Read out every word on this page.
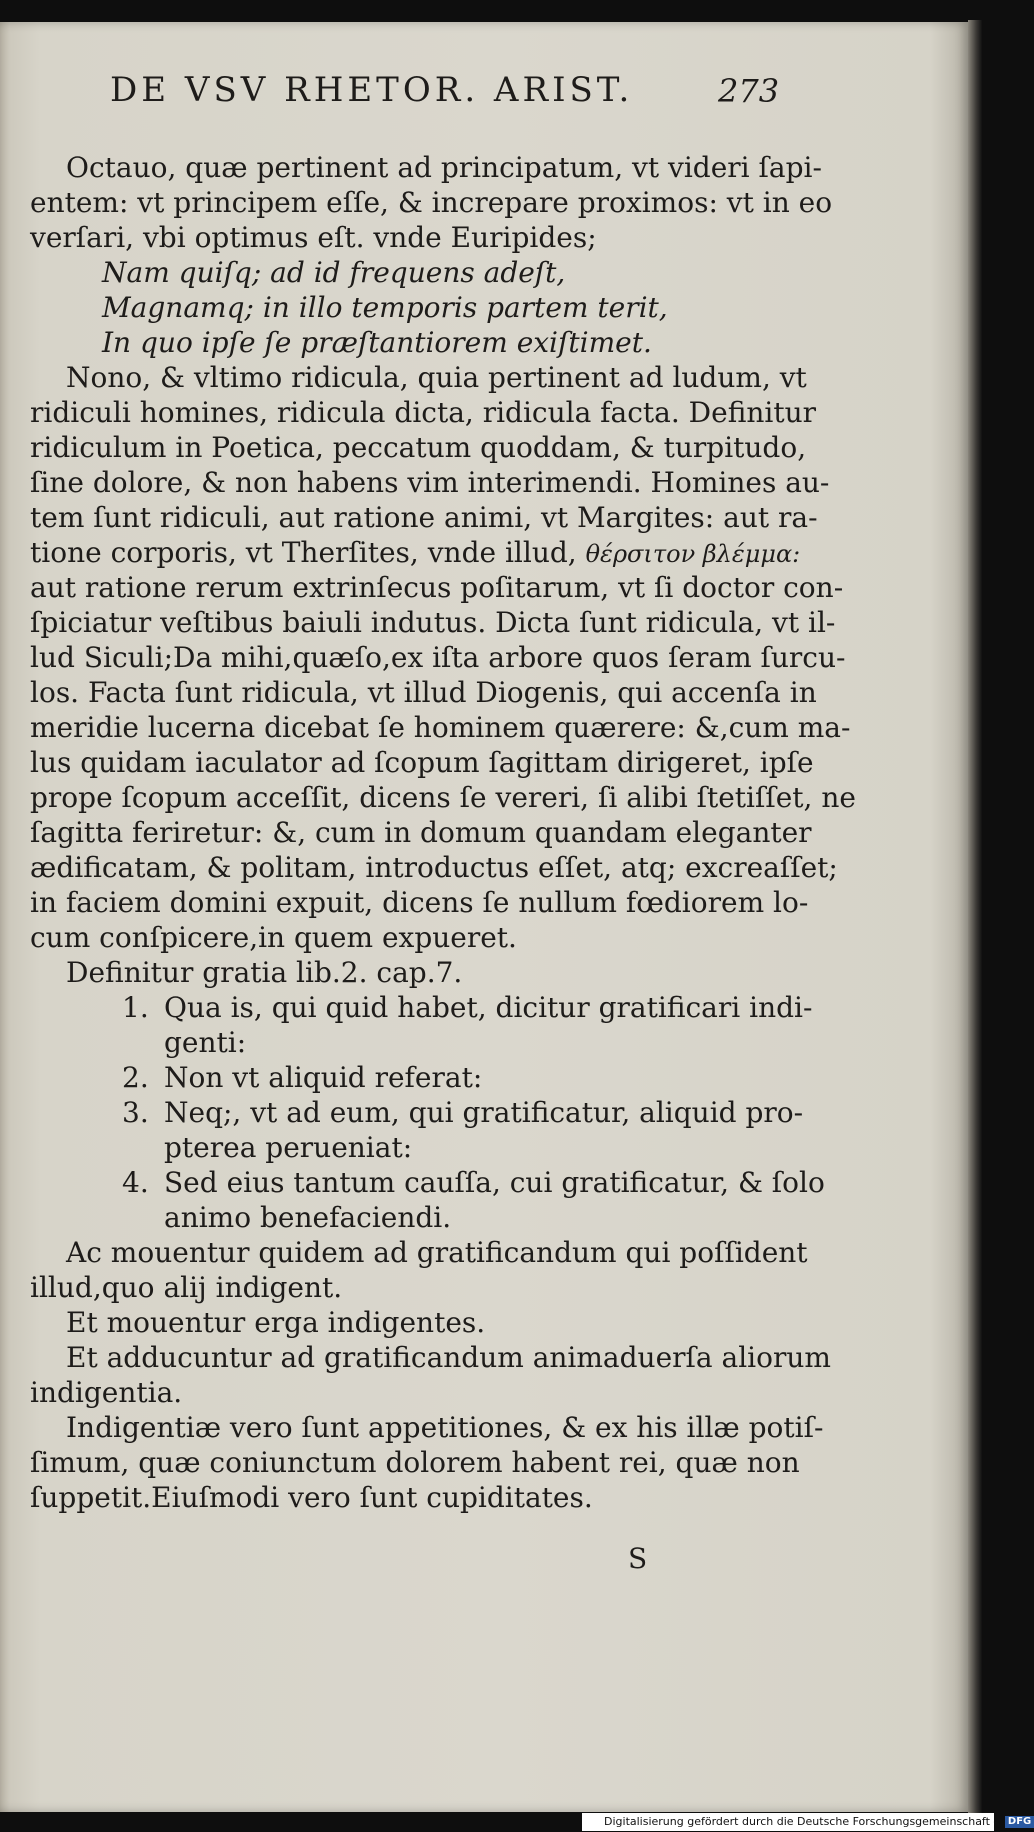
DE VSV RHETOR. ARIST.	273
Octauo, quæ pertinent ad principatum, vt videri ſapi-
entem: vt principem eſſe, & increpare proximos: vt in eo
verſari, vbi optimus eſt. vnde Euripides;
Nam quiſq; ad id frequens adeſt,
Magnamq; in illo temporis partem terit,
In quo ipſe ſe præſtantiorem exiſtimet.
Nono, & vltimo ridicula, quia pertinent ad ludum, vt
ridiculi homines, ridicula dicta, ridicula facta. Definitur
ridiculum in Poetica, peccatum quoddam, & turpitudo,
ſine dolore, & non habens vim interimendi. Homines au-
tem ſunt ridiculi, aut ratione animi, vt Margites: aut ra-
tione corporis, vt Therſites, vnde illud, θέρσιτον βλέμμα:
aut ratione rerum extrinſecus poſitarum, vt ſi doctor con-
ſpiciatur veſtibus baiuli indutus. Dicta ſunt ridicula, vt il-
lud Siculi;Da mihi,quæſo,ex iſta arbore quos ſeram ſurcu-
los. Facta ſunt ridicula, vt illud Diogenis, qui accenſa in
meridie lucerna dicebat ſe hominem quærere: &,cum ma-
lus quidam iaculator ad ſcopum ſagittam dirigeret, ipſe
prope ſcopum acceſſit, dicens ſe vereri, ſi alibi ſtetiſſet, ne
ſagitta feriretur: &, cum in domum quandam eleganter
ædificatam, & politam, introductus eſſet, atq; excreaſſet;
in faciem domini expuit, dicens ſe nullum fœdiorem lo-
cum conſpicere,in quem expueret.
Definitur gratia lib.2. cap.7.
1. Qua is, qui quid habet, dicitur gratificari indi-
genti:
2. Non vt aliquid referat:
3. Neq;, vt ad eum, qui gratificatur, aliquid pro-
pterea perueniat:
4. Sed eius tantum cauſſa, cui gratificatur, & ſolo
animo benefaciendi.
Ac mouentur quidem ad gratificandum qui poſſident
illud,quo alij indigent.
Et mouentur erga indigentes.
Et adducuntur ad gratificandum animaduerſa aliorum
indigentia.
Indigentiæ vero ſunt appetitiones, & ex his illæ potiſ-
ſimum, quæ coniunctum dolorem habent rei, quæ non
ſuppetit.Eiuſmodi vero ſunt cupiditates.
S
Digitalisierung gefördert durch die Deutsche Forschungsgemeinschaft - DFG
